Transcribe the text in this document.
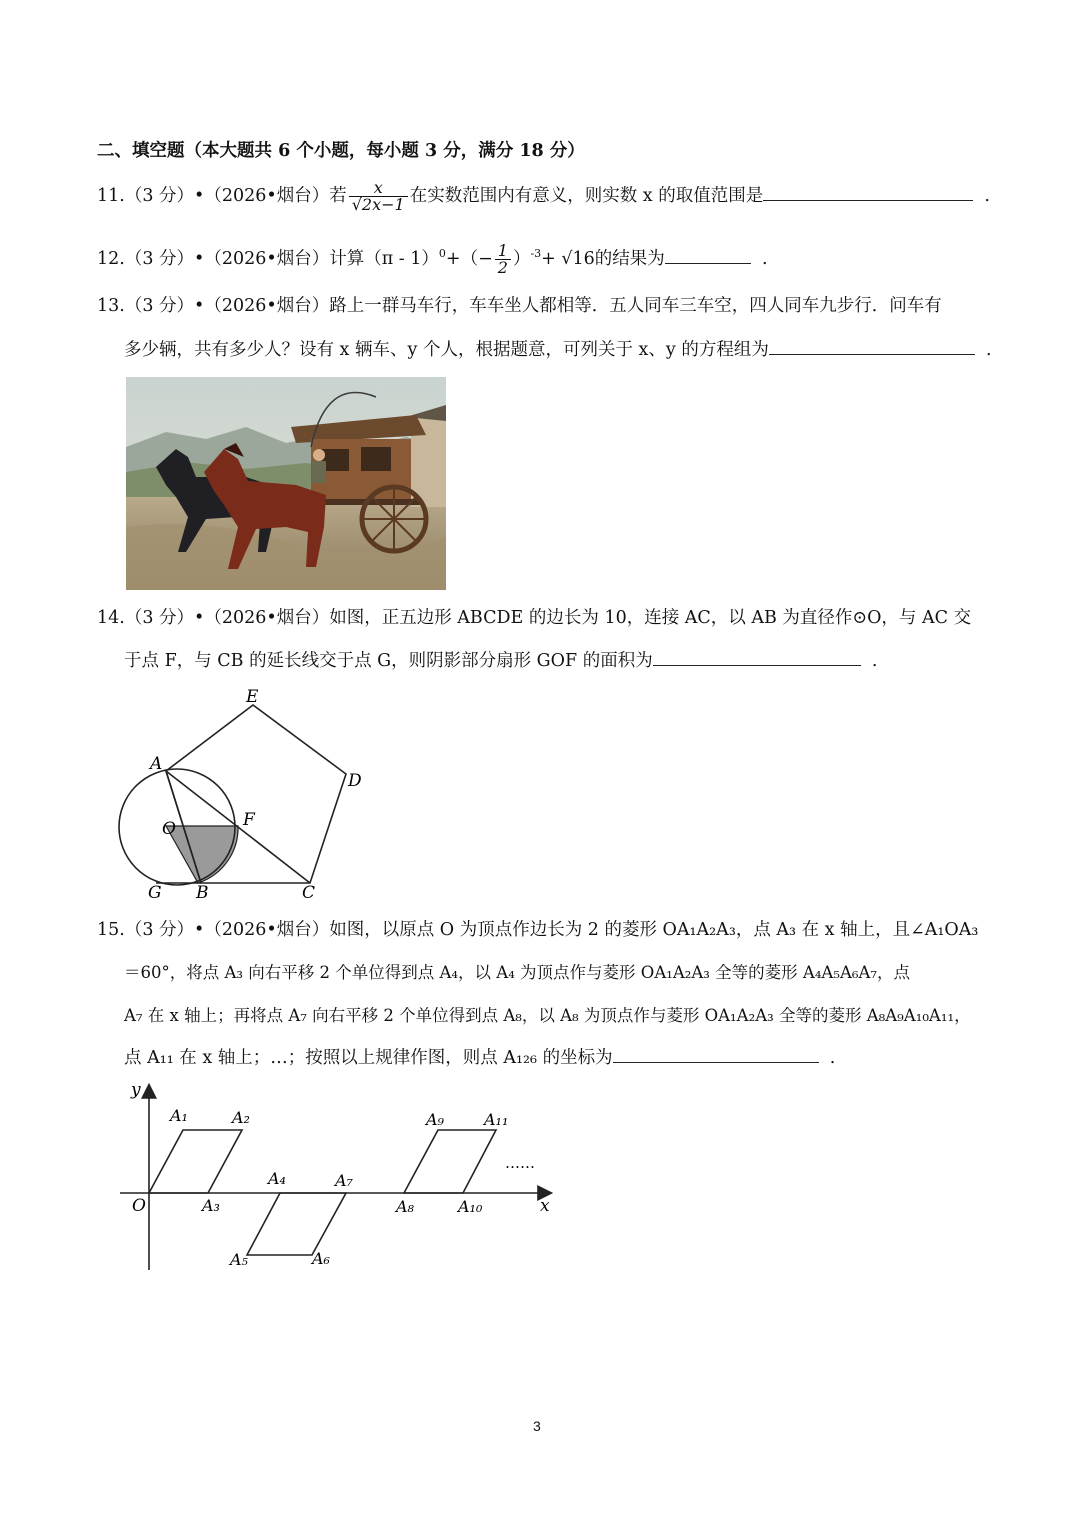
二、填空题（本大题共 6 个小题，每小题 3 分，满分 18 分）
11.（3 分）•（2026•烟台）若 $\frac{x}{√2x-1}$ 在实数范围内有意义，则实数 x 的取值范围是	.
12.（3 分）•（2026•烟台）计算$(\pi - 1)^0+(- \frac{1}{2} )^{-3}+ √16$的结果为	.
13.（3 分）•（2026•烟台）路上一群马车行，车车坐人都相等．五人同车三车空，四人同车九步行．问车有
多少辆，共有多少人？设有 x 辆车、y 个人，根据题意，可列关于 x、y 的方程组为	.
14.（3 分）•（2026•烟台）如图，正五边形 ABCDE 的边长为 10，连接 AC，以 AB 为直径作⊙O，与 AC 交
于点 F，与 CB 的延长线交于点 G，则阴影部分扇形 GOF 的面积为	.
E
A
D
O	F
G B	C
15.（3 分）•（2026•烟台）如图，以原点 O 为顶点作边长为 2 的菱形 OA₁A₂A₃，点 A₃ 在 x 轴上，且∠A₁OA₃
＝60°，将点 A₃ 向右平移 2 个单位得到点 A₄，以 A₄ 为顶点作与菱形 OA₁A₂A₃ 全等的菱形 A₄A₅A₆A₇，点
A₇ 在 x 轴上；再将点 A₇ 向右平移 2 个单位得到点 A₈，以 A₈ 为顶点作与菱形 OA₁A₂A₃ 全等的菱形 A₈A₉A₁₀A₁₁，
点 A₁₁ 在 x 轴上；…；按照以上规律作图，则点 A₁₂₆ 的坐标为	.
y
x
O
A₁	A₂
A₃
A₄
A₅	A₆
A₇
A₈
A₉
A₁₀
A₁₁
……
3
